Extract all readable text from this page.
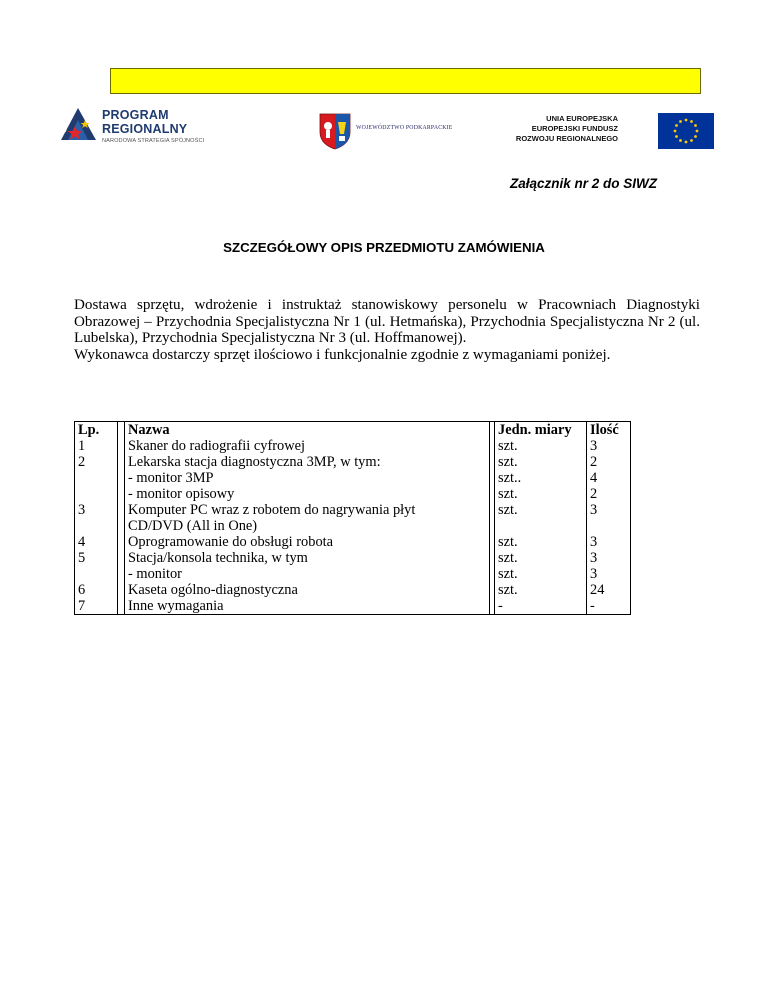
PROGRAM
REGIONALNY
NARODOWA STRATEGIA SPÓJNOŚCI
WOJEWÓDZTWO PODKARPACKIE
UNIA EUROPEJSKA
EUROPEJSKI FUNDUSZ
ROZWOJU REGIONALNEGO
Załącznik nr 2 do SIWZ
SZCZEGÓŁOWY OPIS PRZEDMIOTU ZAMÓWIENIA

Dostawa sprzętu, wdrożenie i instruktaż stanowiskowy personelu w Pracowniach Diagnostyki Obrazowej – Przychodnia Specjalistyczna Nr 1 (ul. Hetmańska), Przychodnia Specjalistyczna Nr 2 (ul. Lubelska), Przychodnia Specjalistyczna Nr 3 (ul. Hoffmanowej).

Wykonawca dostarczy sprzęt ilościowo i funkcjonalnie zgodnie z wymaganiami poniżej.

Lp.		Nazwa		Jedn. miary	Ilość
1		Skaner do radiografii cyfrowej		szt.	3
2		Lekarska stacja diagnostyczna 3MP, w tym:		szt.	2
		- monitor 3MP		szt..	4
		- monitor opisowy		szt.	2
3		Komputer PC wraz z robotem do nagrywania płyt		szt.	3
		CD/DVD (All in One)			
4		Oprogramowanie do obsługi robota		szt.	3
5		Stacja/konsola technika, w tym		szt.	3
		- monitor		szt.	3
6		Kaseta ogólno-diagnostyczna		szt.	24
7		Inne wymagania		-	-
